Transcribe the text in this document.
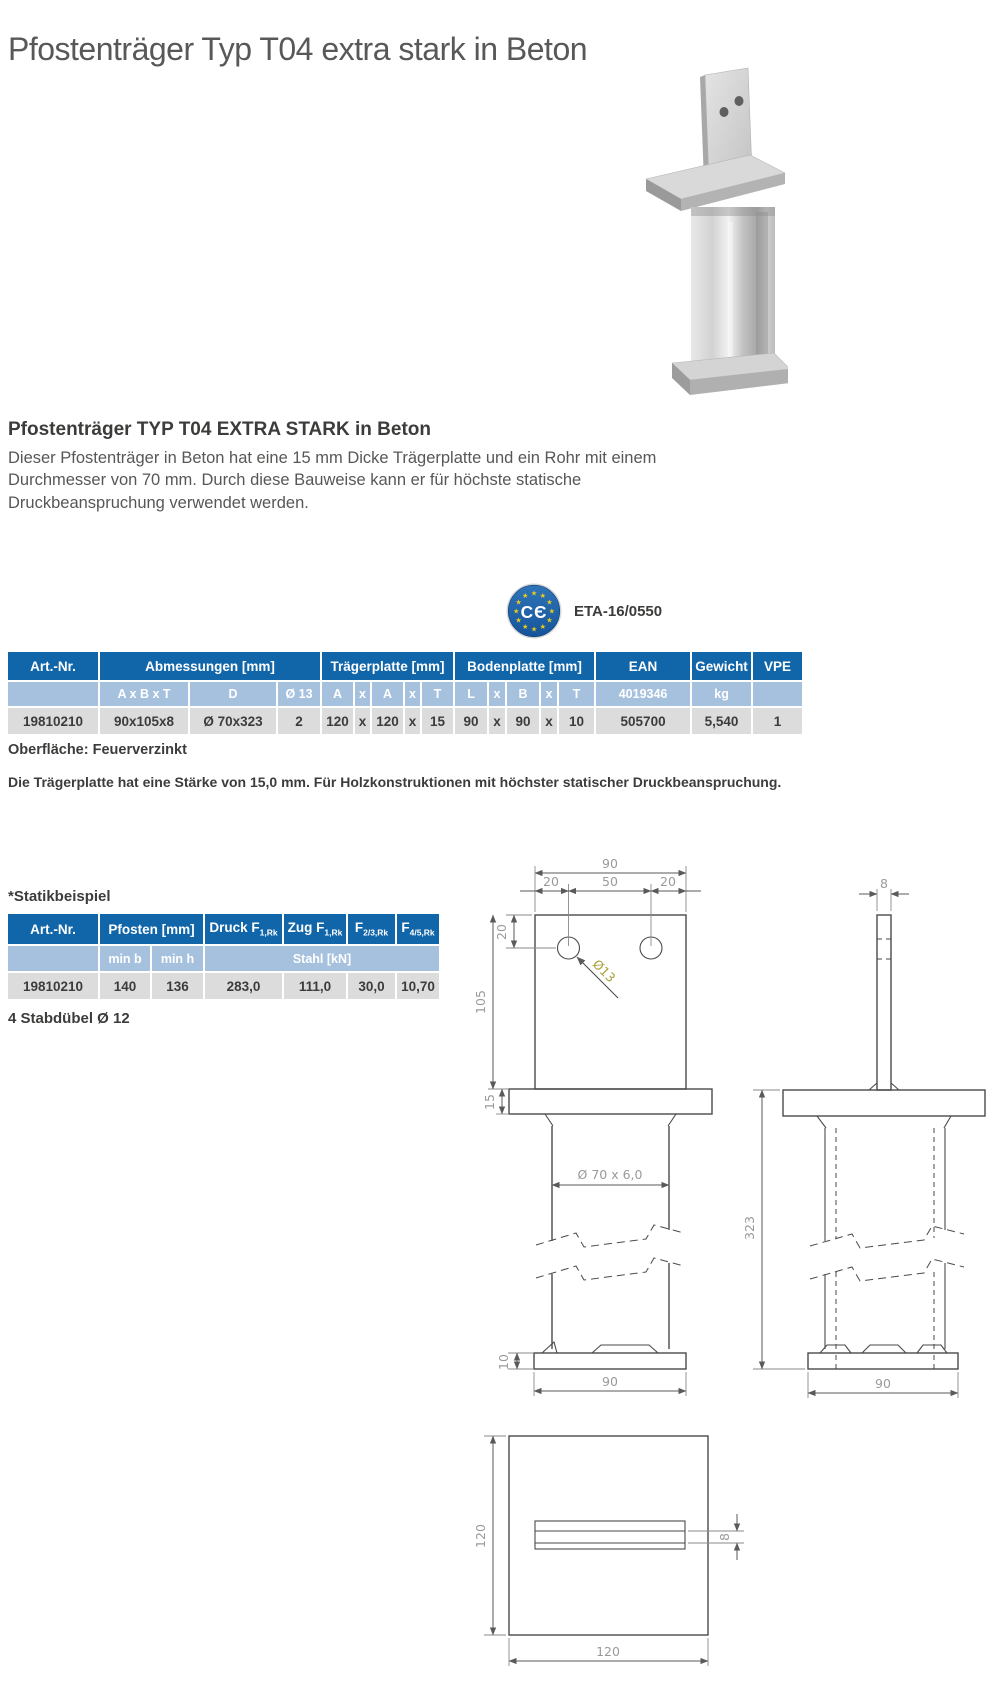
Pfostenträger Typ T04 extra stark in Beton
Pfostenträger TYP T04 EXTRA STARK in Beton

Dieser Pfostenträger in Beton hat eine 15 mm Dicke Trägerplatte und ein Rohr mit einem Durchmesser von 70 mm. Durch diese Bauweise kann er für höchste statische Druckbeanspruchung verwendet werden.

★ ★
★
★
★
★
★
★
★
★
★
★
CЄ ETA-16/0550
Art.-Nr.	Abmessungen [mm]			Trägerplatte [mm]					Bodenplatte [mm]					EAN	Gewicht	VPE
	A x B x T	D	Ø 13	A	x	A	x	T	L	x	B	x	T	4019346	kg	
19810210	90x105x8	Ø 70x323	2	120	x	120	x	15	90	x	90	x	10	505700	5,540	1
Oberfläche: Feuerverzinkt
Die Trägerplatte hat eine Stärke von 15,0 mm. Für Holzkonstruktionen mit höchster statischer Druckbeanspruchung.
*Statikbeispiel
Art.-Nr.	Pfosten [mm]		Druck $F_{1,Rk}$	Zug $F_{1,Rk}$	$F_{2/3,Rk}$	$F_{4/5,Rk}$
	min b	min h	Stahl [kN]			
19810210	140	136	283,0	111,0	30,0	10,70
4 Stabdübel Ø 12
90
20	50	20
20
105
15
Ø13
Ø 70 x 6,0
10
90
8
323
90
8
120
120
